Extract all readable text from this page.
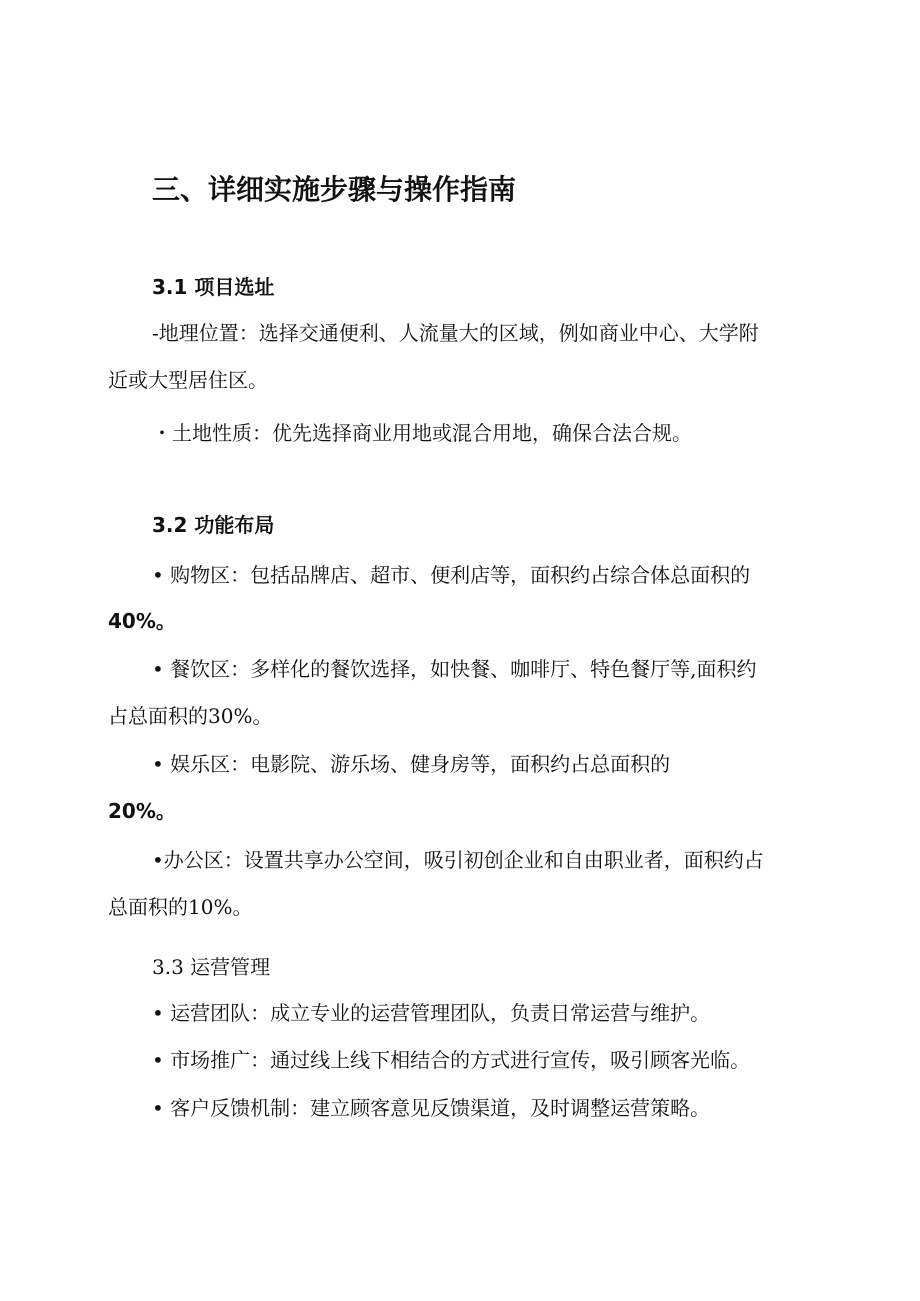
三、详细实施步骤与操作指南

3.1 项目选址

-地理位置：选择交通便利、人流量大的区域，例如商业中心、大学附

近或大型居住区。

・土地性质：优先选择商业用地或混合用地，确保合法合规。

3.2 功能布局

• 购物区：包括品牌店、超市、便利店等，面积约占综合体总面积的

40%。

• 餐饮区：多样化的餐饮选择，如快餐、咖啡厅、特色餐厅等,面积约

占总面积的30%。

• 娱乐区：电影院、游乐场、健身房等，面积约占总面积的

20%。

•办公区：设置共享办公空间，吸引初创企业和自由职业者，面积约占

总面积的10%。

3.3 运营管理

• 运营团队：成立专业的运营管理团队，负责日常运营与维护。

• 市场推广：通过线上线下相结合的方式进行宣传，吸引顾客光临。

• 客户反馈机制：建立顾客意见反馈渠道，及时调整运营策略。
